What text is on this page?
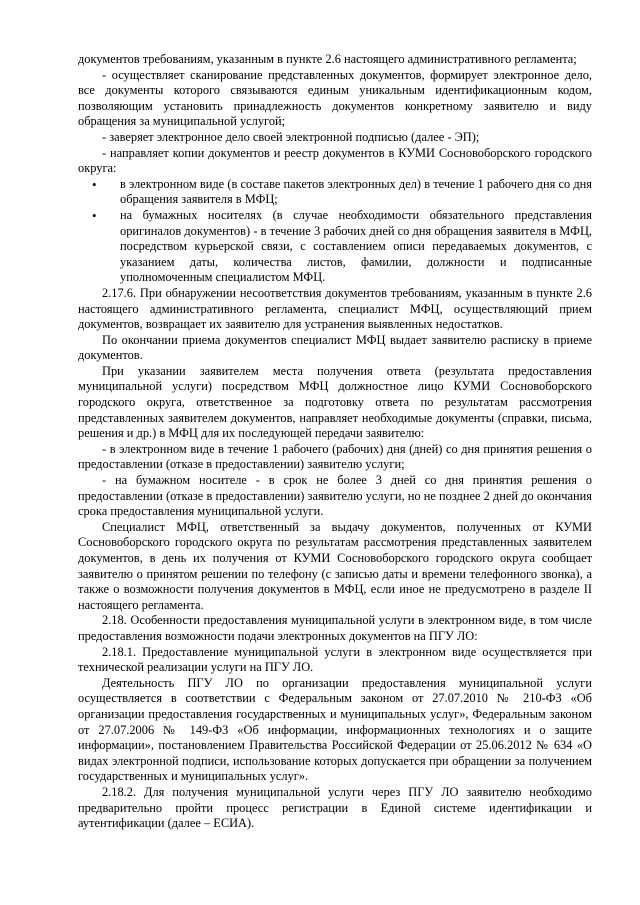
документов требованиям, указанным в пункте 2.6 настоящего административного регламента;

- осуществляет сканирование представленных документов, формирует электронное дело, все документы которого связываются единым уникальным идентификационным кодом, позволяющим установить принадлежность документов конкретному заявителю и виду обращения за муниципальной услугой;

- заверяет электронное дело своей электронной подписью (далее - ЭП);

- направляет копии документов и реестр документов в КУМИ Сосновоборского городского округа:

• в электронном виде (в составе пакетов электронных дел) в течение 1 рабочего дня со дня обращения заявителя в МФЦ;
• на бумажных носителях (в случае необходимости обязательного представления оригиналов документов) - в течение 3 рабочих дней со дня обращения заявителя в МФЦ, посредством курьерской связи, с составлением описи передаваемых документов, с указанием даты, количества листов, фамилии, должности и подписанные уполномоченным специалистом МФЦ.

2.17.6. При обнаружении несоответствия документов требованиям, указанным в пункте 2.6 настоящего административного регламента, специалист МФЦ, осуществляющий прием документов, возвращает их заявителю для устранения выявленных недостатков.

По окончании приема документов специалист МФЦ выдает заявителю расписку в приеме документов.

При указании заявителем места получения ответа (результата предоставления муниципальной услуги) посредством МФЦ должностное лицо КУМИ Сосновоборского городского округа, ответственное за подготовку ответа по результатам рассмотрения представленных заявителем документов, направляет необходимые документы (справки, письма, решения и др.) в МФЦ для их последующей передачи заявителю:

- в электронном виде в течение 1 рабочего (рабочих) дня (дней) со дня принятия решения о предоставлении (отказе в предоставлении) заявителю услуги;

- на бумажном носителе - в срок не более 3 дней со дня принятия решения о предоставлении (отказе в предоставлении) заявителю услуги, но не позднее 2 дней до окончания срока предоставления муниципальной услуги.

Специалист МФЦ, ответственный за выдачу документов, полученных от КУМИ Сосновоборского городского округа по результатам рассмотрения представленных заявителем документов, в день их получения от КУМИ Сосновоборского городского округа сообщает заявителю о принятом решении по телефону (с записью даты и времени телефонного звонка), а также о возможности получения документов в МФЦ, если иное не предусмотрено в разделе II настоящего регламента.

2.18. Особенности предоставления муниципальной услуги в электронном виде, в том числе предоставления возможности подачи электронных документов на ПГУ ЛО:

2.18.1. Предоставление муниципальной услуги в электронном виде осуществляется при технической реализации услуги на ПГУ ЛО.

Деятельность ПГУ ЛО по организации предоставления муниципальной услуги осуществляется в соответствии с Федеральным законом от 27.07.2010 № 210-ФЗ «Об организации предоставления государственных и муниципальных услуг», Федеральным законом от 27.07.2006 № 149-ФЗ «Об информации, информационных технологиях и о защите информации», постановлением Правительства Российской Федерации от 25.06.2012 № 634 «О видах электронной подписи, использование которых допускается при обращении за получением государственных и муниципальных услуг».

2.18.2. Для получения муниципальной услуги через ПГУ ЛО заявителю необходимо предварительно пройти процесс регистрации в Единой системе идентификации и аутентификации (далее – ЕСИА).
